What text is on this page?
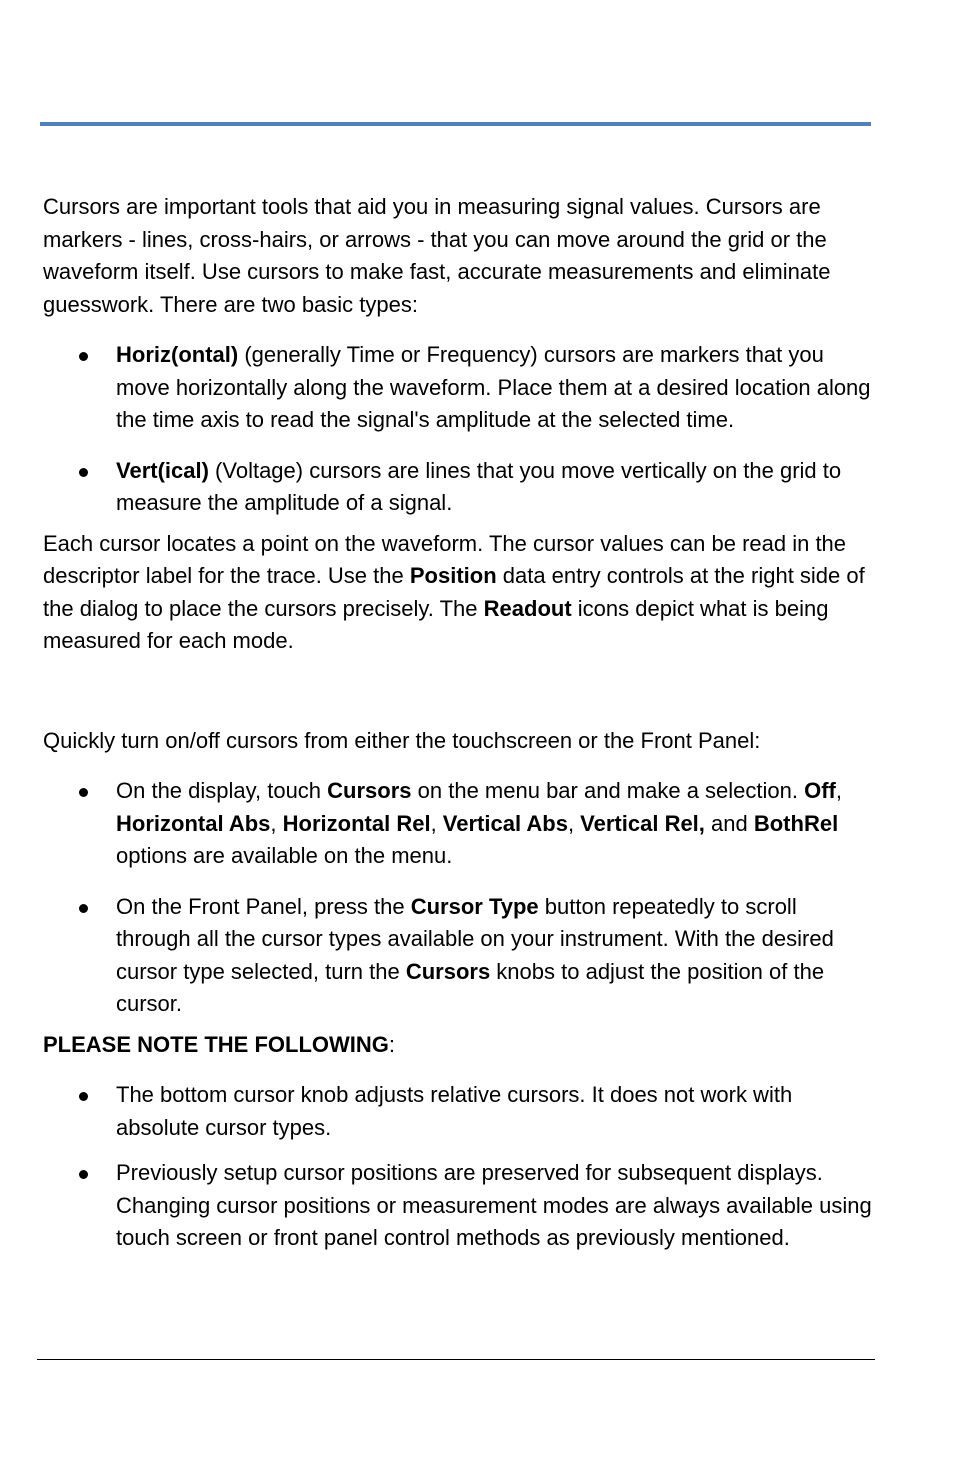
Cursors are important tools that aid you in measuring signal values. Cursors are markers - lines, cross-hairs, or arrows - that you can move around the grid or the waveform itself. Use cursors to make fast, accurate measurements and eliminate guesswork. There are two basic types:

Horiz(ontal) (generally Time or Frequency) cursors are markers that you move horizontally along the waveform. Place them at a desired location along the time axis to read the signal's amplitude at the selected time.
Vert(ical) (Voltage) cursors are lines that you move vertically on the grid to measure the amplitude of a signal.

Each cursor locates a point on the waveform. The cursor values can be read in the descriptor label for the trace. Use the Position data entry controls at the right side of the dialog to place the cursors precisely. The Readout icons depict what is being measured for each mode.

Quickly turn on/off cursors from either the touchscreen or the Front Panel:

On the display, touch Cursors on the menu bar and make a selection. Off, Horizontal Abs, Horizontal Rel, Vertical Abs, Vertical Rel, and BothRel options are available on the menu.
On the Front Panel, press the Cursor Type button repeatedly to scroll through all the cursor types available on your instrument. With the desired cursor type selected, turn the Cursors knobs to adjust the position of the cursor.

PLEASE NOTE THE FOLLOWING:

The bottom cursor knob adjusts relative cursors. It does not work with absolute cursor types.
Previously setup cursor positions are preserved for subsequent displays. Changing cursor positions or measurement modes are always available using touch screen or front panel control methods as previously mentioned.
